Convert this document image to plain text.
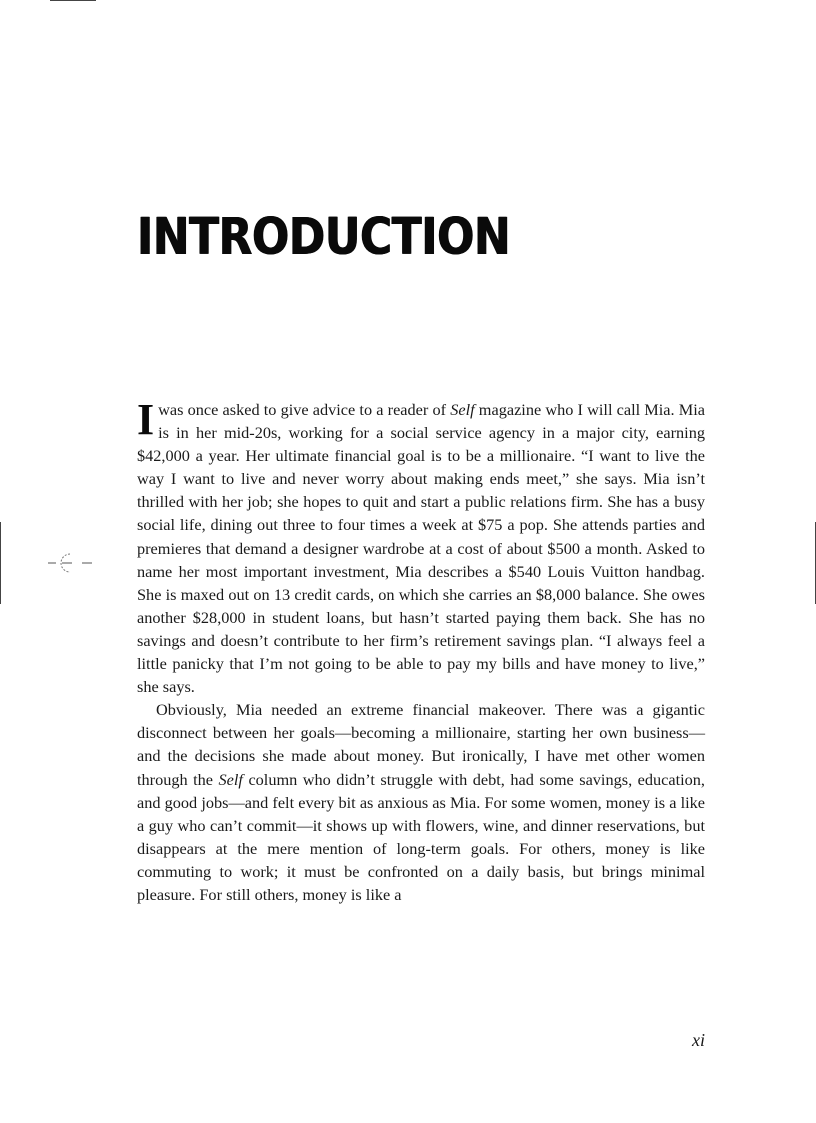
INTRODUCTION

I was once asked to give advice to a reader of Self magazine who I will call Mia. Mia is in her mid-20s, working for a social service agency in a major city, earning $42,000 a year. Her ultimate financial goal is to be a millionaire. “I want to live the way I want to live and never worry about making ends meet,” she says. Mia isn’t thrilled with her job; she hopes to quit and start a public relations firm. She has a busy social life, dining out three to four times a week at $75 a pop. She attends parties and premieres that demand a designer wardrobe at a cost of about $500 a month. Asked to name her most important investment, Mia describes a $540 Louis Vuitton handbag. She is maxed out on 13 credit cards, on which she carries an $8,000 balance. She owes another $28,000 in student loans, but hasn’t started paying them back. She has no savings and doesn’t contribute to her firm’s retirement savings plan. “I always feel a little panicky that I’m not going to be able to pay my bills and have money to live,” she says.

Obviously, Mia needed an extreme financial makeover. There was a gigantic disconnect between her goals—becoming a millionaire, starting her own business—and the decisions she made about money. But ironically, I have met other women through the Self column who didn’t struggle with debt, had some savings, education, and good jobs—and felt every bit as anxious as Mia. For some women, money is a like a guy who can’t commit—it shows up with flowers, wine, and dinner reservations, but disappears at the mere mention of long-term goals. For others, money is like commuting to work; it must be confronted on a daily basis, but brings minimal pleasure. For still others, money is like a

xi
